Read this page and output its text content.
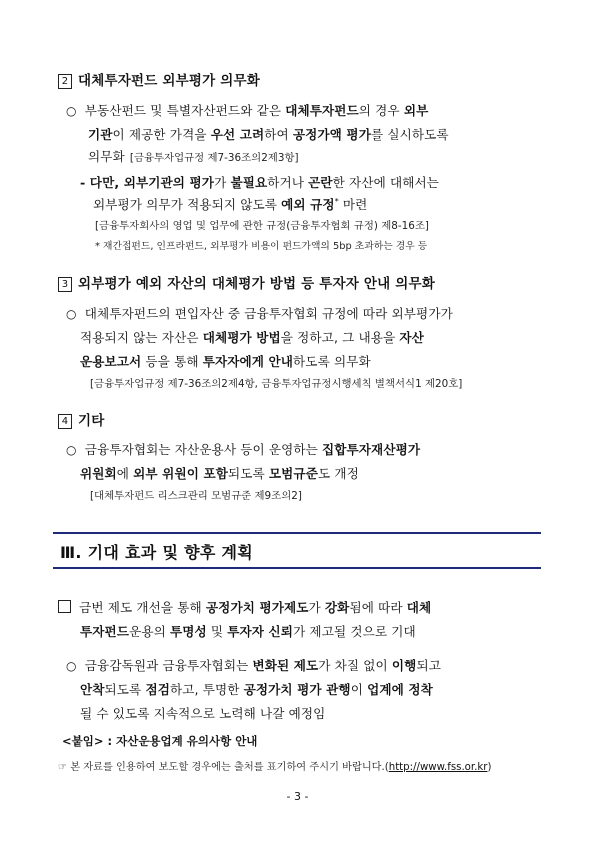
2 대체투자펀드 외부평가 의무화
○ 부동산펀드 및 특별자산펀드와 같은 대체투자펀드의 경우 외부
기관이 제공한 가격을 우선 고려하여 공정가액 평가를 실시하도록
의무화 [금융투자업규정 제7-36조의2제3항]
- 다만, 외부기관의 평가가 불필요하거나 곤란한 자산에 대해서는
외부평가 의무가 적용되지 않도록 예외 규정* 마련
[금융투자회사의 영업 및 업무에 관한 규정(금융투자협회 규정) 제8-16조]
* 재간접펀드, 인프라펀드, 외부평가 비용이 펀드가액의 5bp 초과하는 경우 등
3 외부평가 예외 자산의 대체평가 방법 등 투자자 안내 의무화
○ 대체투자펀드의 편입자산 중 금융투자협회 규정에 따라 외부평가가
적용되지 않는 자산은 대체평가 방법을 정하고, 그 내용을 자산
운용보고서 등을 통해 투자자에게 안내하도록 의무화
[금융투자업규정 제7-36조의2제4항, 금융투자업규정시행세칙 별책서식1 제20호]
4 기타
○ 금융투자협회는 자산운용사 등이 운영하는 집합투자재산평가
위원회에 외부 위원이 포함되도록 모범규준도 개정
[대체투자펀드 리스크관리 모범규준 제9조의2]
Ⅲ. 기대 효과 및 향후 계획
금번 제도 개선을 통해 공정가치 평가제도가 강화됨에 따라 대체
투자펀드운용의 투명성 및 투자자 신뢰가 제고될 것으로 기대
○ 금융감독원과 금융투자협회는 변화된 제도가 차질 없이 이행되고
안착되도록 점검하고, 투명한 공정가치 평가 관행이 업계에 정착
될 수 있도록 지속적으로 노력해 나갈 예정임
<붙임> : 자산운용업계 유의사항 안내
☞ 본 자료를 인용하여 보도할 경우에는 출처를 표기하여 주시기 바랍니다.(http://www.fss.or.kr)
- 3 -
